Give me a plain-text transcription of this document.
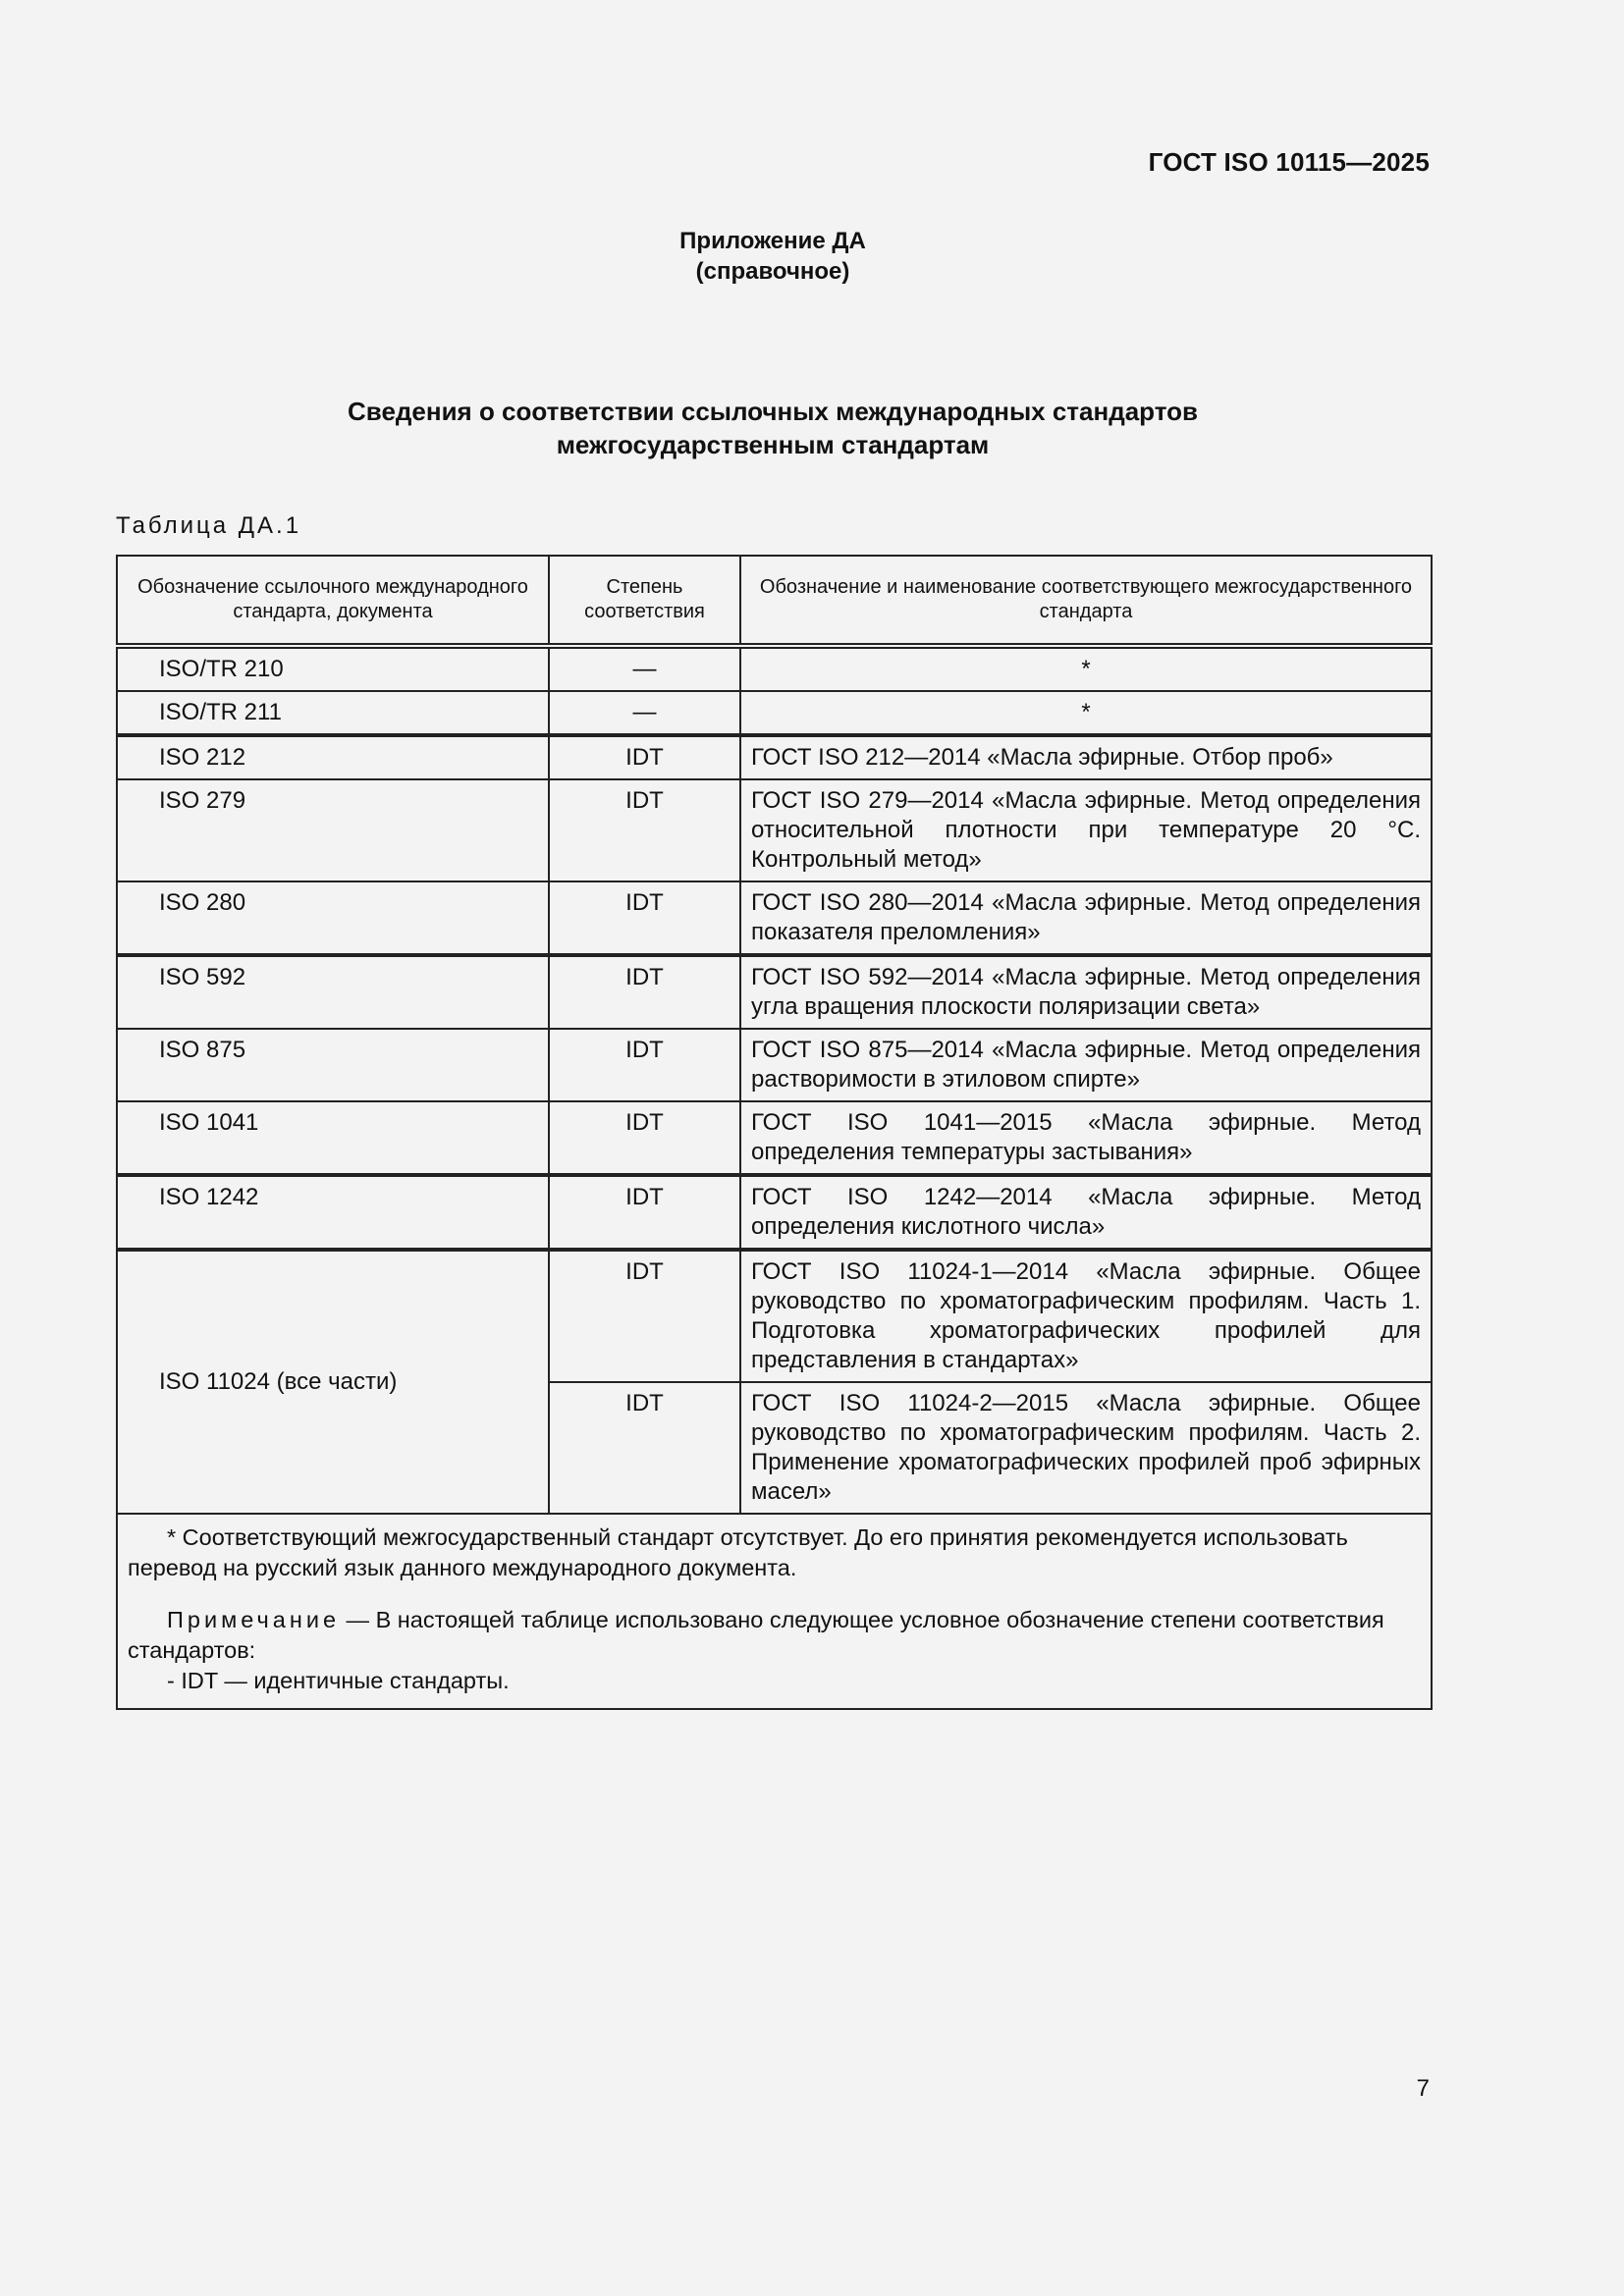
ГОСТ ISO 10115—2025
Приложение ДА
(справочное)
Сведения о соответствии ссылочных международных стандартов
межгосударственным стандартам
Таблица ДА.1
Обозначение ссылочного международного стандарта, документа	Степень соответствия	Обозначение и наименование соответствующего межгосударственного стандарта
ISO/TR 210	—	*
ISO/TR 211	—	*
ISO 212	IDT	ГОСТ ISO 212—2014 «Масла эфирные. Отбор проб»
ISO 279	IDT	ГОСТ ISO 279—2014 «Масла эфирные. Метод определения относительной плотности при температуре 20 °С. Контрольный метод»
ISO 280	IDT	ГОСТ ISO 280—2014 «Масла эфирные. Метод определения показателя преломления»
ISO 592	IDT	ГОСТ ISO 592—2014 «Масла эфирные. Метод определения угла вращения плоскости поляризации света»
ISO 875	IDT	ГОСТ ISO 875—2014 «Масла эфирные. Метод определения растворимости в этиловом спирте»
ISO 1041	IDT	ГОСТ ISO 1041—2015 «Масла эфирные. Метод определения температуры застывания»
ISO 1242	IDT	ГОСТ ISO 1242—2014 «Масла эфирные. Метод определения кислотного числа»
ISO 11024 (все части)	IDT	ГОСТ ISO 11024-1—2014 «Масла эфирные. Общее руководство по хроматографическим профилям. Часть 1. Подготовка хроматографических профилей для представления в стандартах»
	IDT	ГОСТ ISO 11024-2—2015 «Масла эфирные. Общее руководство по хроматографическим профилям. Часть 2. Применение хроматографических профилей проб эфирных масел»

* Соответствующий межгосударственный стандарт отсутствует. До его принятия рекомендуется использовать перевод на русский язык данного международного документа.

Примечание — В настоящей таблице использовано следующее условное обозначение степени соответствия стандартов:

- IDT — идентичные стандарты.		

7
